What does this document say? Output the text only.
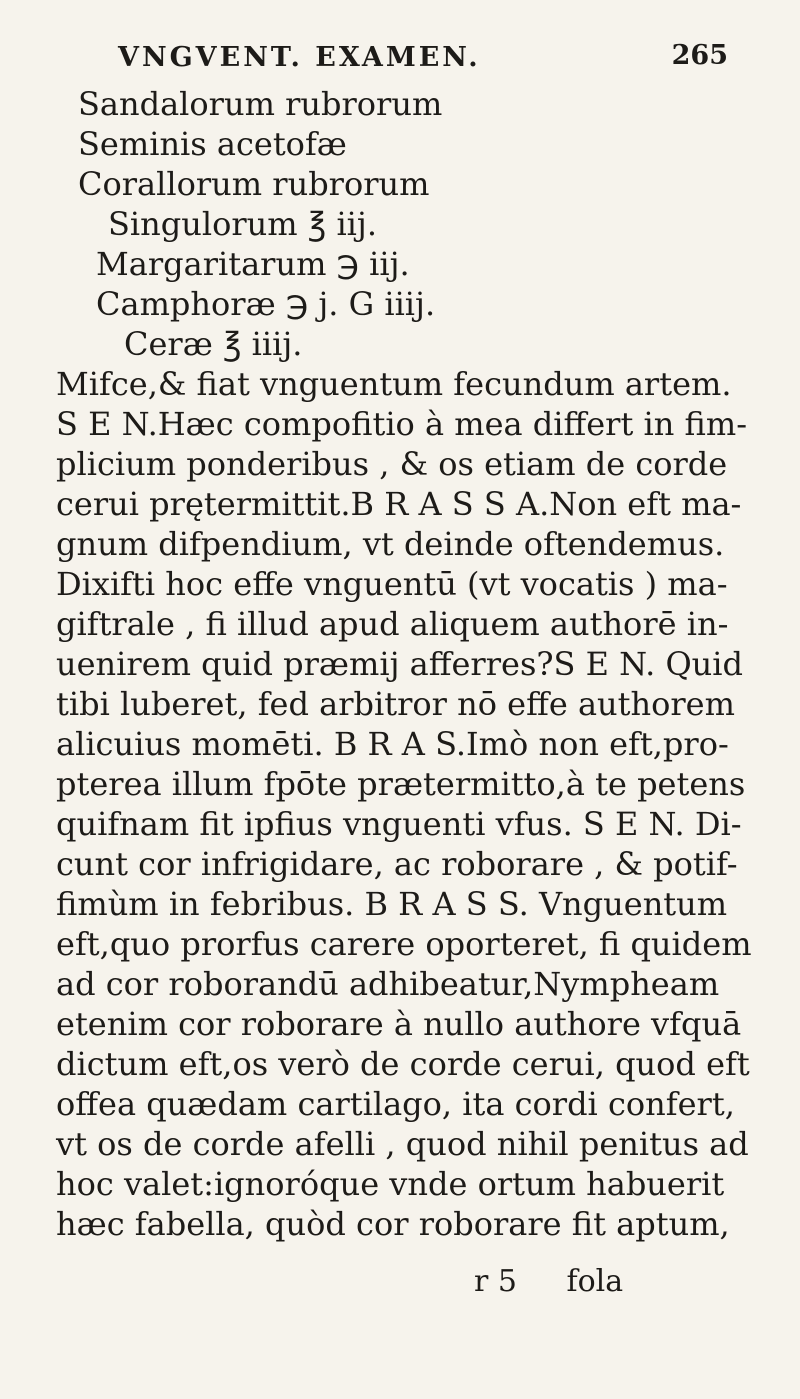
VNGVENT. EXAMEN.	265
Sandalorum rubrorum
Seminis acetofæ
Corallorum rubrorum
Singulorum ℥ iij.
Margaritarum ℈ iij.
Camphoræ ℈ j. G iiij.
Ceræ ℥ iiij.
Mifce,& fiat vnguentum fecundum artem.
S E N.Hæc compofitio à mea differt in fim-
plicium ponderibus , & os etiam de corde
cerui prętermittit.B R A S S A.Non eft ma-
gnum difpendium, vt deinde oftendemus.
Dixifti hoc effe vnguentū (vt vocatis ) ma-
giftrale , fi illud apud aliquem authorē in-
uenirem quid præmij afferres?S E N. Quid
tibi luberet, fed arbitror nō effe authorem
alicuius momēti. B R A S.Imò non eft,pro-
pterea illum fpōte prætermitto,à te petens
quifnam fit ipfius vnguenti vfus. S E N. Di-
cunt cor infrigidare, ac roborare , & potif-
fimùm in febribus. B R A S S. Vnguentum
eft,quo prorfus carere oporteret, fi quidem
ad cor roborandū adhibeatur,Nympheam
etenim cor roborare à nullo authore vfquā
dictum eft,os verò de corde cerui, quod eft
offea quædam cartilago, ita cordi confert,
vt os de corde afelli , quod nihil penitus ad
hoc valet:ignoróque vnde ortum habuerit
hæc fabella, quòd cor roborare fit aptum,
r 5 fola
